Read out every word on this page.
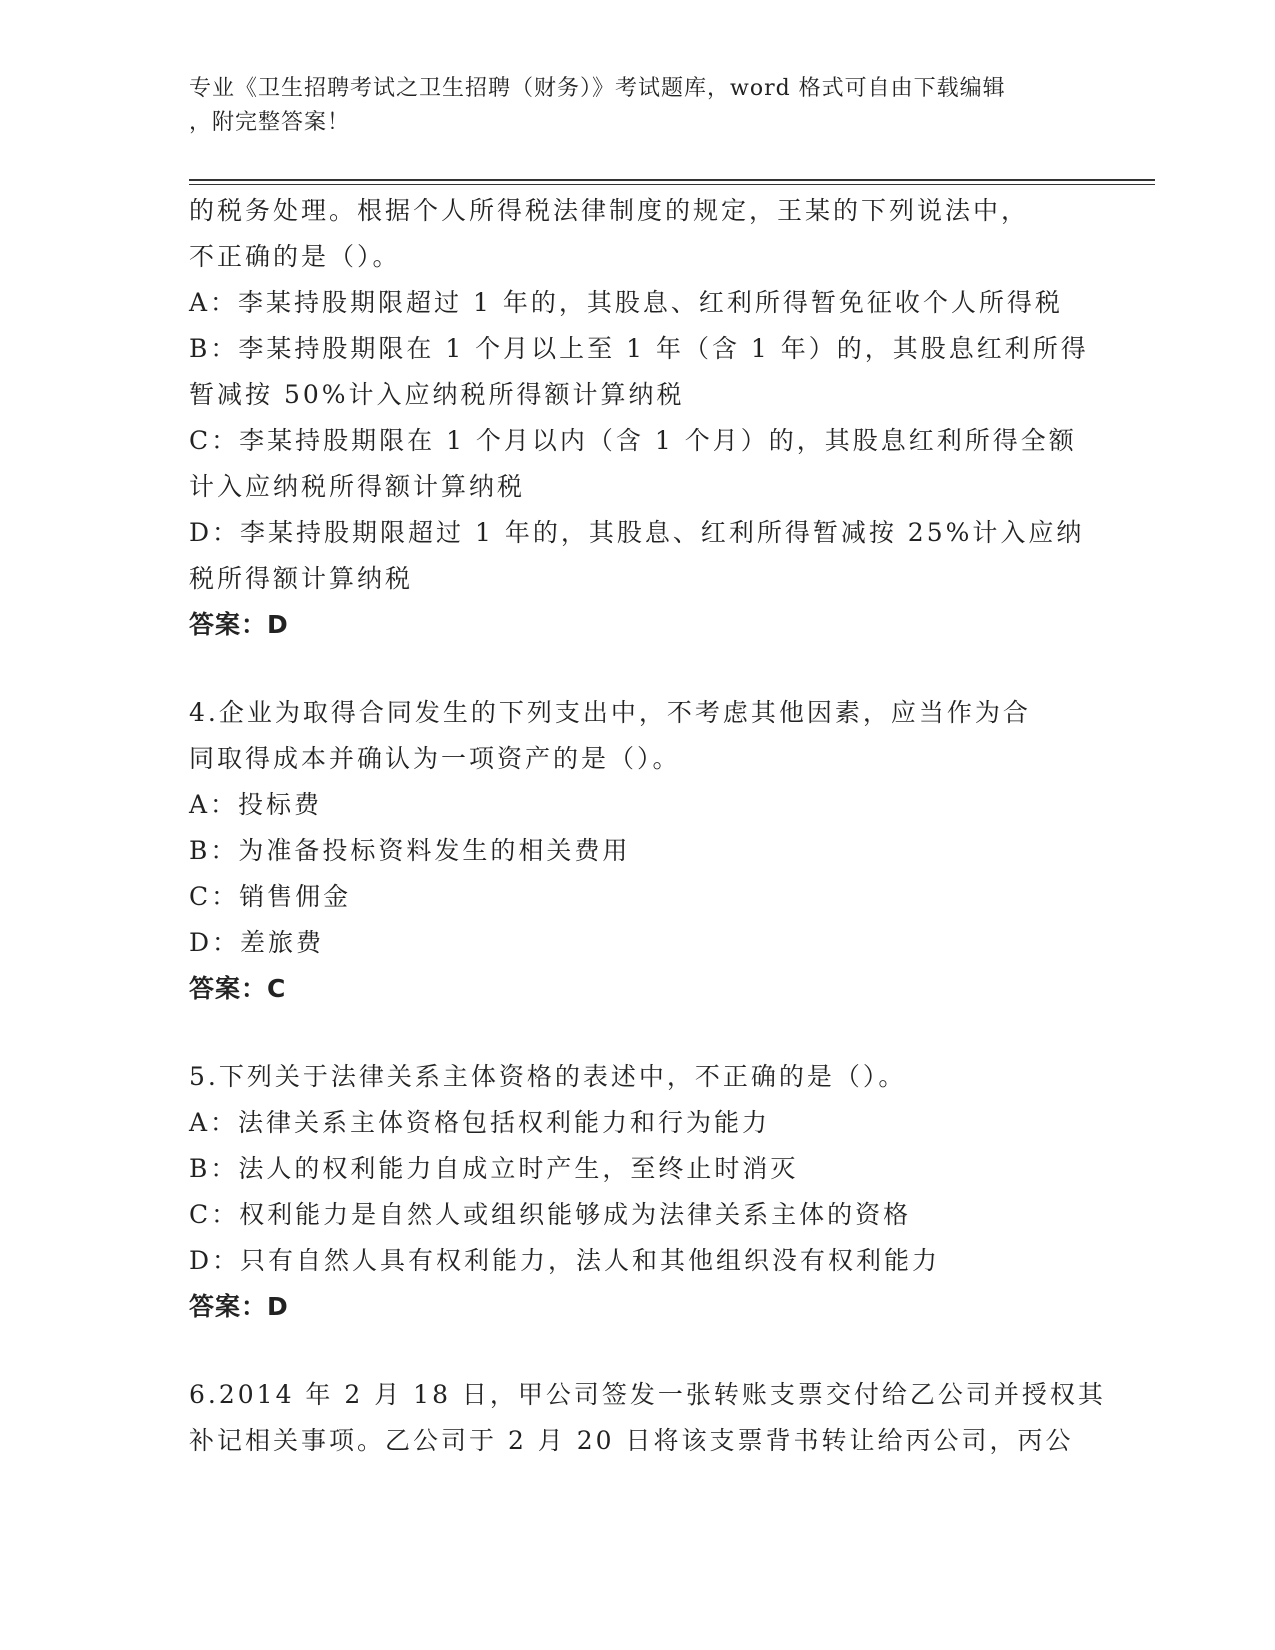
专业《卫生招聘考试之卫生招聘（财务）》考试题库，word 格式可自由下载编辑
，附完整答案！
的税务处理。根据个人所得税法律制度的规定，王某的下列说法中，
不正确的是（）。
A：李某持股期限超过 1 年的，其股息、红利所得暂免征收个人所得税
B：李某持股期限在 1 个月以上至 1 年（含 1 年）的，其股息红利所得
暂减按 50%计入应纳税所得额计算纳税
C：李某持股期限在 1 个月以内（含 1 个月）的，其股息红利所得全额
计入应纳税所得额计算纳税
D：李某持股期限超过 1 年的，其股息、红利所得暂减按 25%计入应纳
税所得额计算纳税
答案：D
4.企业为取得合同发生的下列支出中，不考虑其他因素，应当作为合
同取得成本并确认为一项资产的是（）。
A：投标费
B：为准备投标资料发生的相关费用
C：销售佣金
D：差旅费
答案：C
5.下列关于法律关系主体资格的表述中，不正确的是（）。
A：法律关系主体资格包括权利能力和行为能力
B：法人的权利能力自成立时产生，至终止时消灭
C：权利能力是自然人或组织能够成为法律关系主体的资格
D：只有自然人具有权利能力，法人和其他组织没有权利能力
答案：D
6.2014 年 2 月 18 日，甲公司签发一张转账支票交付给乙公司并授权其
补记相关事项。乙公司于 2 月 20 日将该支票背书转让给丙公司，丙公
